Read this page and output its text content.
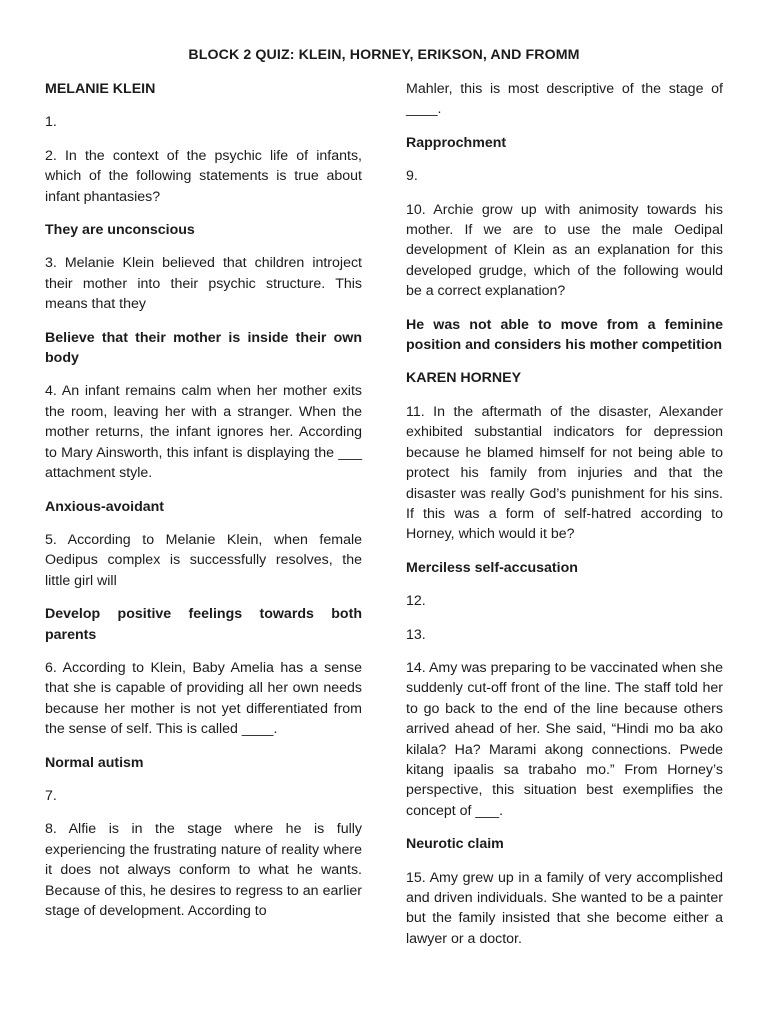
BLOCK 2 QUIZ: KLEIN, HORNEY, ERIKSON, AND FROMM

MELANIE KLEIN

1.

2. In the context of the psychic life of infants, which of the following statements is true about infant phantasies?

They are unconscious

3. Melanie Klein believed that children introject their mother into their psychic structure. This means that they

Believe that their mother is inside their own body

4. An infant remains calm when her mother exits the room, leaving her with a stranger. When the mother returns, the infant ignores her. According to Mary Ainsworth, this infant is displaying the ___ attachment style.

Anxious-avoidant

5. According to Melanie Klein, when female Oedipus complex is successfully resolves, the little girl will

Develop positive feelings towards both parents

6. According to Klein, Baby Amelia has a sense that she is capable of providing all her own needs because her mother is not yet differentiated from the sense of self. This is called ____.

Normal autism

7.

8. Alfie is in the stage where he is fully experiencing the frustrating nature of reality where it does not always conform to what he wants. Because of this, he desires to regress to an earlier stage of development. According to

Mahler, this is most descriptive of the stage of ____.

Rapprochment

9.

10. Archie grow up with animosity towards his mother. If we are to use the male Oedipal development of Klein as an explanation for this developed grudge, which of the following would be a correct explanation?

He was not able to move from a feminine position and considers his mother competition

KAREN HORNEY

11. In the aftermath of the disaster, Alexander exhibited substantial indicators for depression because he blamed himself for not being able to protect his family from injuries and that the disaster was really God’s punishment for his sins. If this was a form of self-hatred according to Horney, which would it be?

Merciless self-accusation

12.

13.

14. Amy was preparing to be vaccinated when she suddenly cut-off front of the line. The staff told her to go back to the end of the line because others arrived ahead of her. She said, “Hindi mo ba ako kilala? Ha? Marami akong connections. Pwede kitang ipaalis sa trabaho mo.” From Horney’s perspective, this situation best exemplifies the concept of ___.

Neurotic claim

15. Amy grew up in a family of very accomplished and driven individuals. She wanted to be a painter but the family insisted that she become either a lawyer or a doctor.
